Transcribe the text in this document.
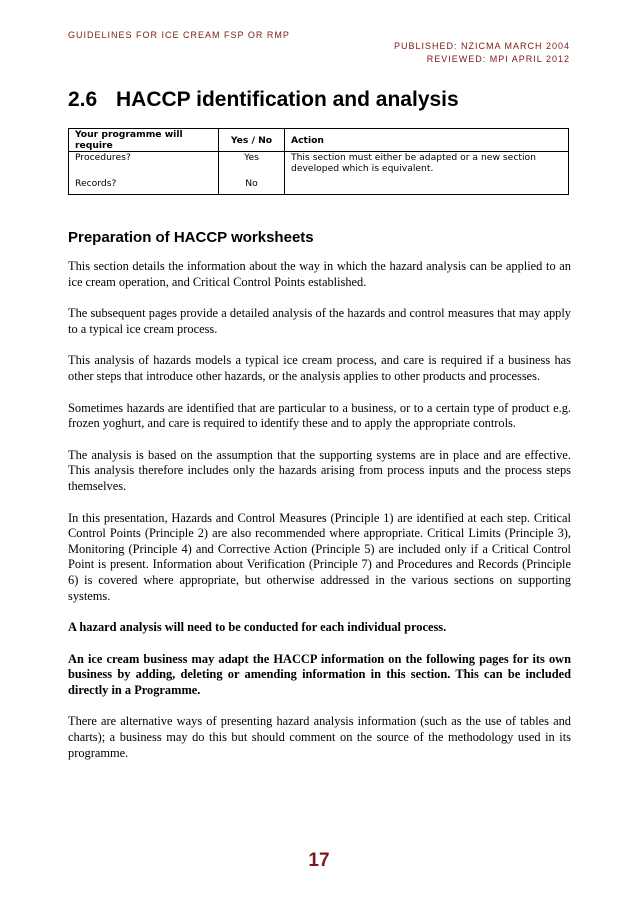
GUIDELINES FOR ICE CREAM FSP OR RMP
PUBLISHED: NZICMA MARCH 2004
REVIEWED: MPI APRIL 2012
2.6 HACCP identification and analysis
Your programme will require	Yes / No	Action
Procedures?	Yes	This section must either be adapted or a new section developed which is equivalent.
Records?	No	
Preparation of HACCP worksheets

This section details the information about the way in which the hazard analysis can be applied to an ice cream operation, and Critical Control Points established.

The subsequent pages provide a detailed analysis of the hazards and control measures that may apply to a typical ice cream process.

This analysis of hazards models a typical ice cream process, and care is required if a business has other steps that introduce other hazards, or the analysis applies to other products and processes.

Sometimes hazards are identified that are particular to a business, or to a certain type of product e.g. frozen yoghurt, and care is required to identify these and to apply the appropriate controls.

The analysis is based on the assumption that the supporting systems are in place and are effective. This analysis therefore includes only the hazards arising from process inputs and the process steps themselves.

In this presentation, Hazards and Control Measures (Principle 1) are identified at each step. Critical Control Points (Principle 2) are also recommended where appropriate. Critical Limits (Principle 3), Monitoring (Principle 4) and Corrective Action (Principle 5) are included only if a Critical Control Point is present. Information about Verification (Principle 7) and Procedures and Records (Principle 6) is covered where appropriate, but otherwise addressed in the various sections on supporting systems.

A hazard analysis will need to be conducted for each individual process.

An ice cream business may adapt the HACCP information on the following pages for its own business by adding, deleting or amending information in this section. This can be included directly in a Programme.

There are alternative ways of presenting hazard analysis information (such as the use of tables and charts); a business may do this but should comment on the source of the methodology used in its programme.

17
